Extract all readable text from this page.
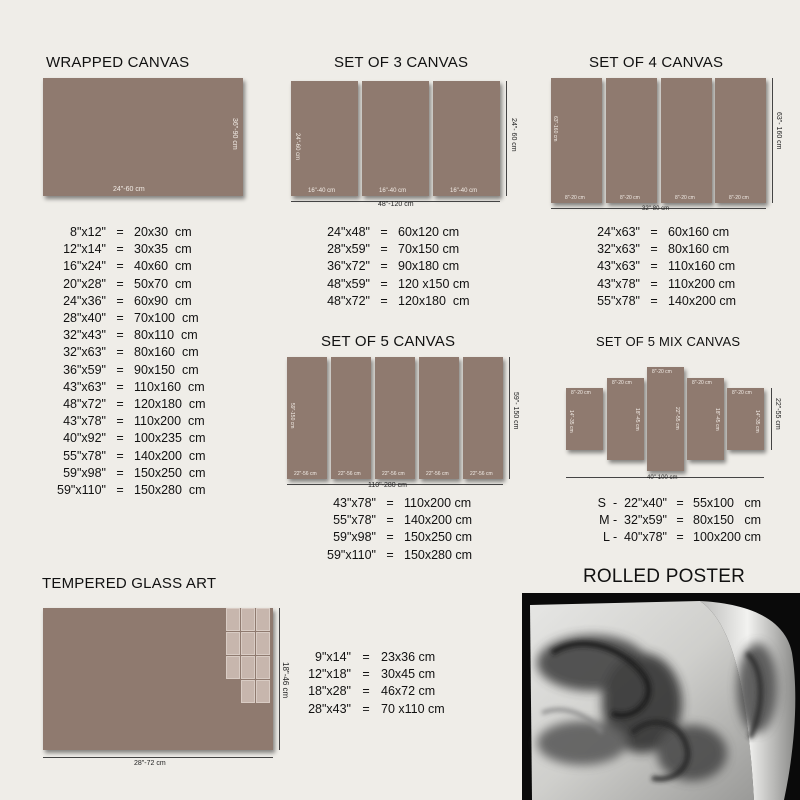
WRAPPED CANVAS
24"-60 cm
36"-90 cm
8"x12" = 20x30  cm
12"x14" = 30x35  cm
16"x24" = 40x60  cm
20"x28" = 50x70  cm
24"x36" = 60x90  cm
28"x40" = 70x100  cm
32"x43" = 80x110  cm
32"x63" = 80x160  cm
36"x59" = 90x150  cm
43"x63" = 110x160  cm
48"x72" = 120x180  cm
43"x78" = 110x200  cm
40"x92" = 100x235  cm
55"x78" = 140x200  cm
59"x98" = 150x250  cm
59"x110" = 150x280  cm
SET OF 3 CANVAS
24"-60 cm
16"-40 cm	16"-40 cm	16"-40 cm
48"-120 cm
24"- 60 cm
24"x48" = 60x120 cm
28"x59" = 70x150 cm
36"x72" = 90x180 cm
48"x59" = 120 x150 cm
48"x72" = 120x180  cm
SET OF 4 CANVAS
63"-160 cm
8"-20 cm	8"-20 cm	8"-20 cm	8"-20 cm
32"-80 cm
63"- 160 cm
24"x63" = 60x160 cm
32"x63" = 80x160 cm
43"x63" = 110x160 cm
43"x78" = 110x200 cm
55"x78" = 140x200 cm
SET OF 5 CANVAS
59"-150 cm
22"-56 cm	22"-56 cm	22"-56 cm	22"-56 cm	22"-56 cm
110"-280 cm
59"- 150 cm
43"x78" = 110x200 cm
55"x78" = 140x200 cm
59"x98" = 150x250 cm
59"x110" = 150x280 cm
SET OF 5 MIX CANVAS
8"-20 cm
14"-35 cm
8"-20 cm
18"-45 cm
8"-20 cm
22"-55 cm
8"-20 cm
18"-45 cm
8"-20 cm
14"-35 cm
40"-100 cm
22"-55 cm
S  -  22"x40" = 55x100   cm
M -  32"x59" = 80x150   cm
L -  40"x78" = 100x200 cm
TEMPERED GLASS ART
28"-72 cm
18"-46 cm
9"x14" = 23x36 cm
12"x18" = 30x45 cm
18"x28" = 46x72 cm
28"x43" = 70 x110 cm
ROLLED POSTER
